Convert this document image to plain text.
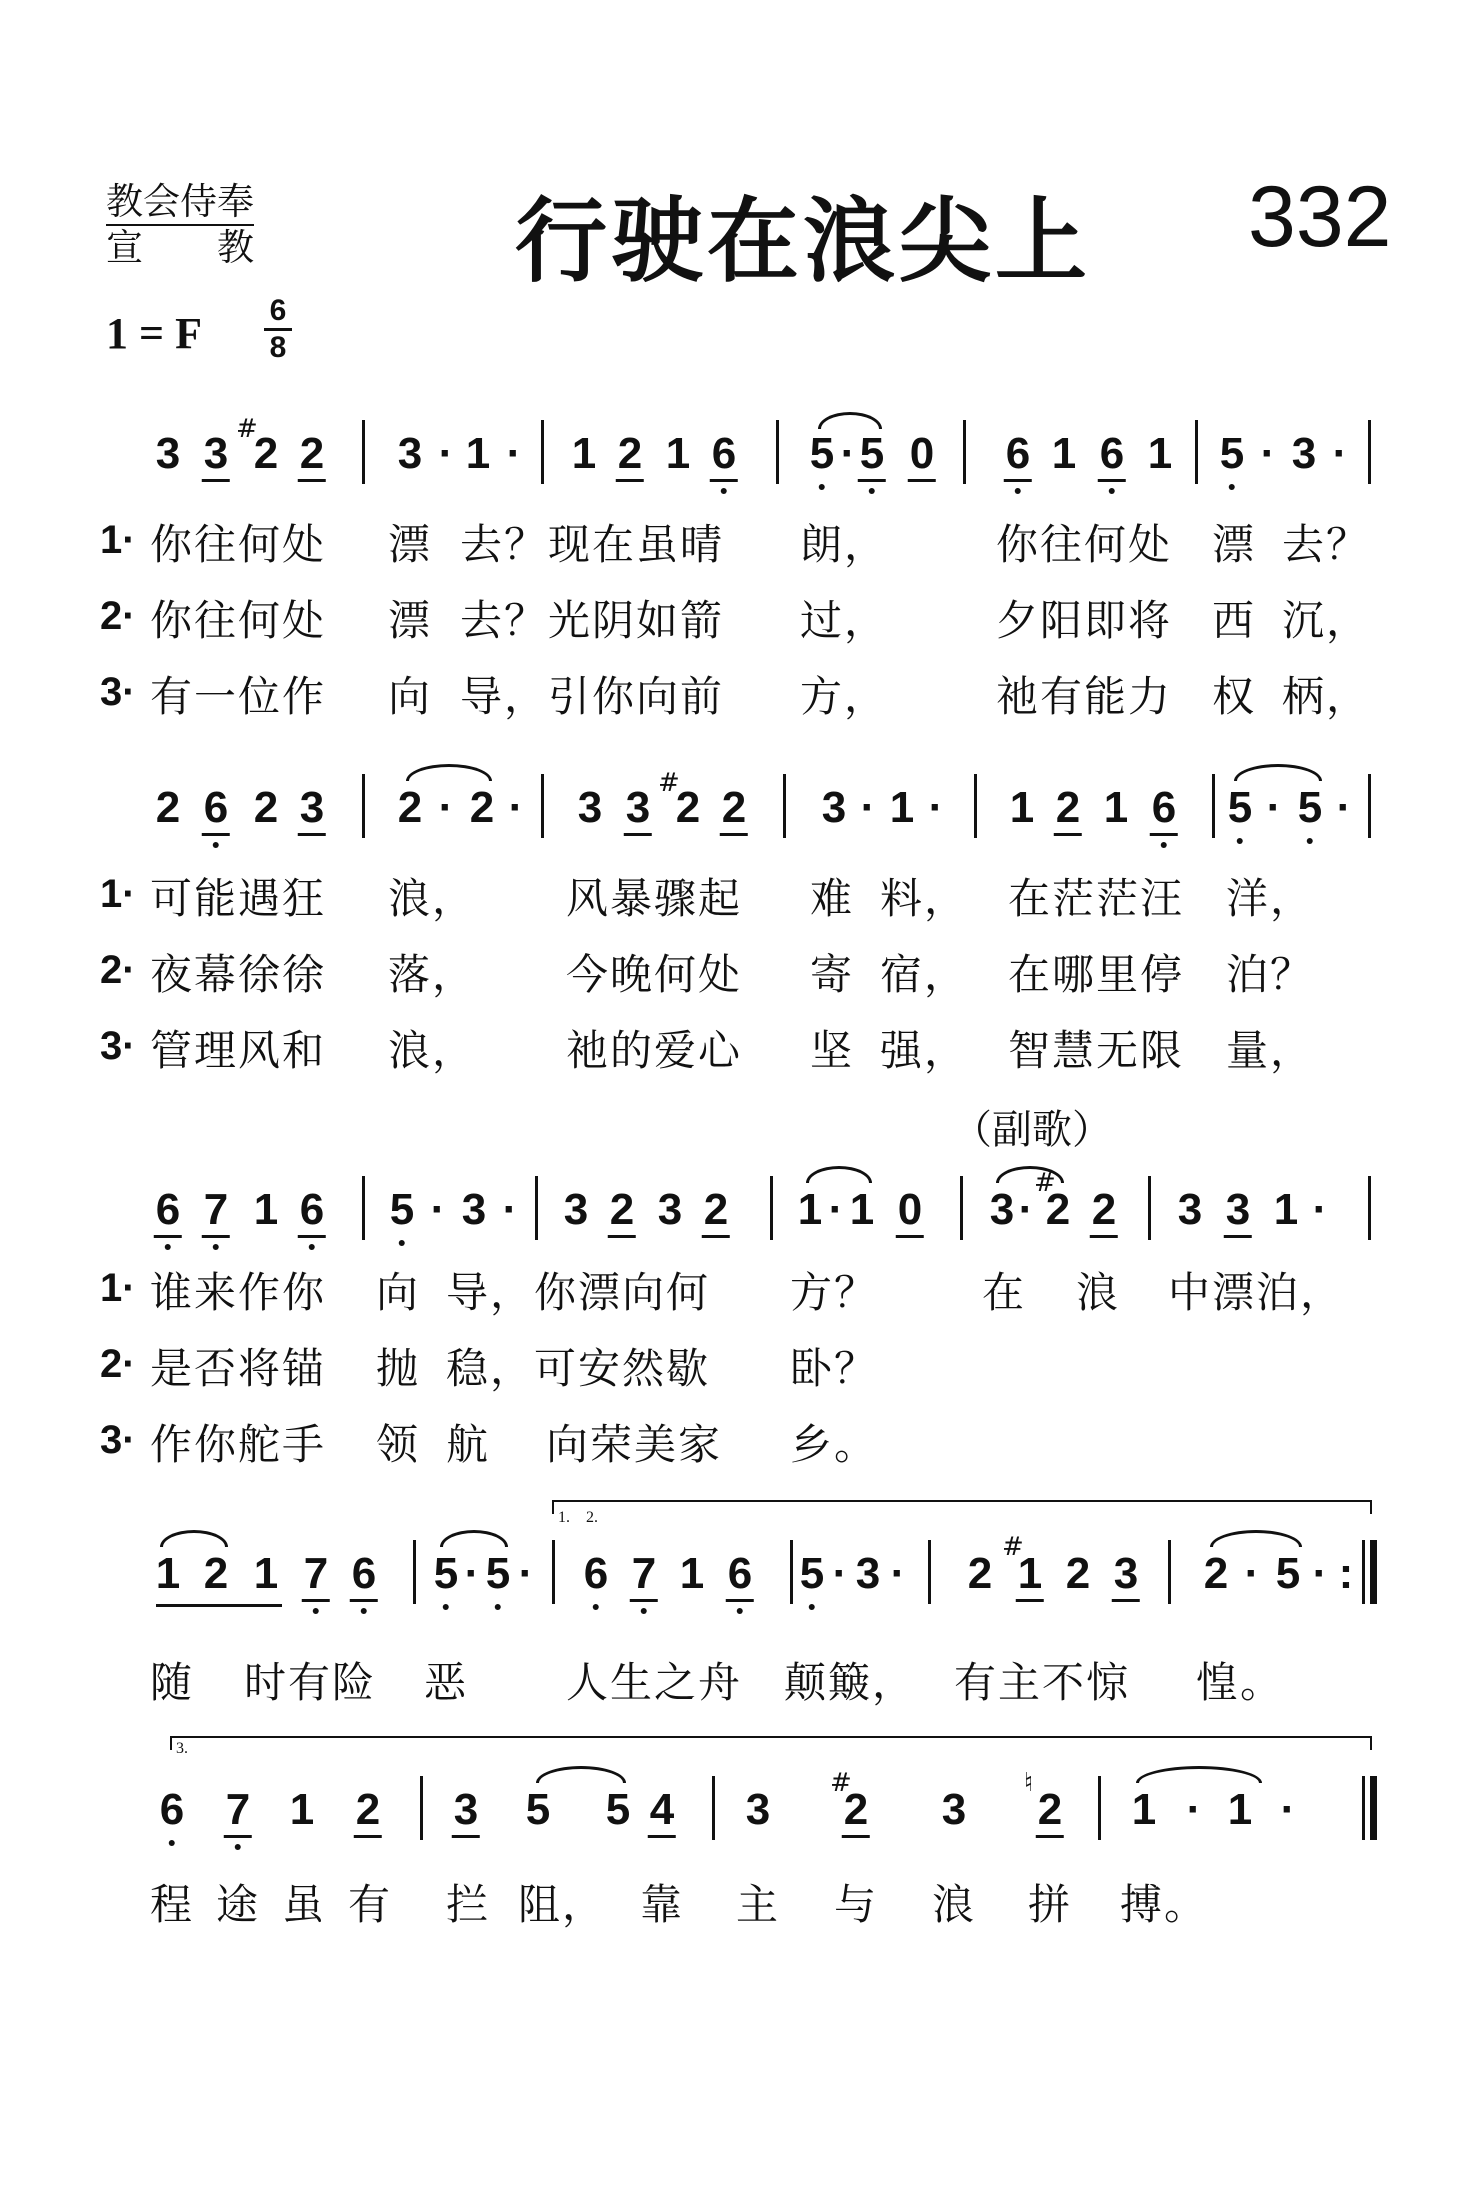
教会侍奉
宣　　教	行驶在浪尖上 332
1 = F 6
8
3 3 #
2 2 3 · 1 · 1 2 1 6 5 · 5 0 6 1 6 1 5 · 3 ·
1·
2·
3·
你往何处 漂 去？现在虽晴 朗，	你往何处 漂 去？
你往何处 漂 去？光阴如箭 过，	夕阳即将 西 沉，
有一位作 向 导，引你向前 方，	祂有能力 权 柄，
2 6 2 3 2 · 2 · 3 3 #
2 2 3 · 1 · 1 2 1 6 5 · 5 ·
1·
2·
3·
可能遇狂 浪， 风暴骤起 难 料， 在茫茫汪 洋，
夜幕徐徐 落， 今晚何处 寄 宿， 在哪里停 泊？
管理风和 浪， 祂的爱心 坚 强， 智慧无限 量，
（副歌）
6 7 1 6 5 · 3 · 3 2 3 2 1 · 1 0 3 ·
#
2 2 3 3 1 ·
1·
2·
3·
谁来作你 向 导，你漂向何 方？ 在 浪 中漂泊，
是否将锚 抛 稳，可安然歇 卧？
作你舵手 领 航 向荣美家 乡。
1.　2.
1 2 1 7 6 5 · 5 · 6 7 1 6 5 · 3 · 2
#
1 2 3 2 · 5 · :
随 时有险 恶 人生之舟 颠簸， 有主不惊 惶。
3.
6 7 1 2 3 5 5 4 3
#
2 3
♮
2 1 · 1 ·
程 途 虽 有 拦 阻， 靠 主 与 浪 拼 搏。
